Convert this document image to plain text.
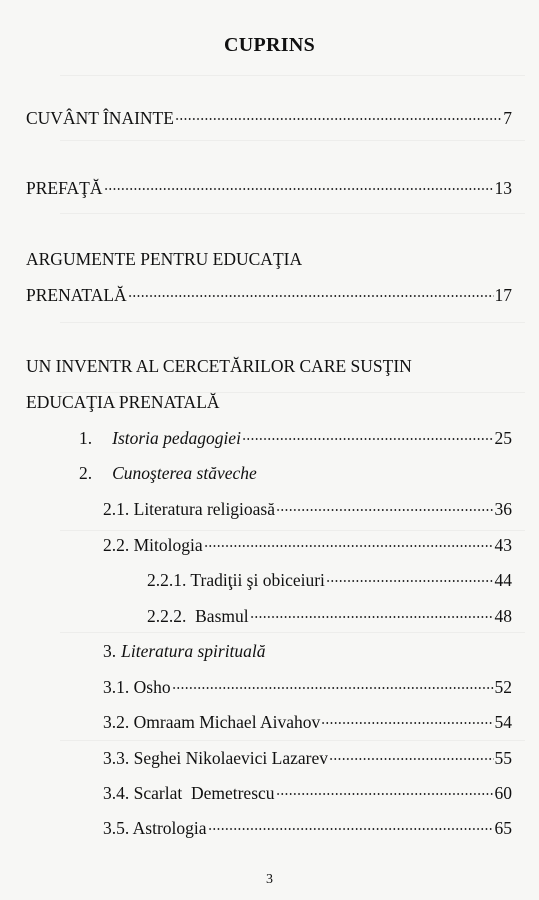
CUPRINS
CUVÂNT ÎNAINTE	7
PREFAŢĂ	13
ARGUMENTE PENTRU EDUCAŢIA
PRENATALĂ	17
UN INVENTR AL CERCETĂRILOR CARE SUSŢIN
EDUCAŢIA PRENATALĂ
1. Istoria pedagogiei	25
2. Cunoşterea stăveche
2.1. Literatura religioasă	36
2.2. Mitologia	43
2.2.1. Tradiţii şi obiceiuri	44
2.2.2.  Basmul	48
3. Literatura spirituală
3.1. Osho	52
3.2. Omraam Michael Aivahov	54
3.3. Seghei Nikolaevici Lazarev	55
3.4. Scarlat  Demetrescu	60
3.5. Astrologia	65
3
